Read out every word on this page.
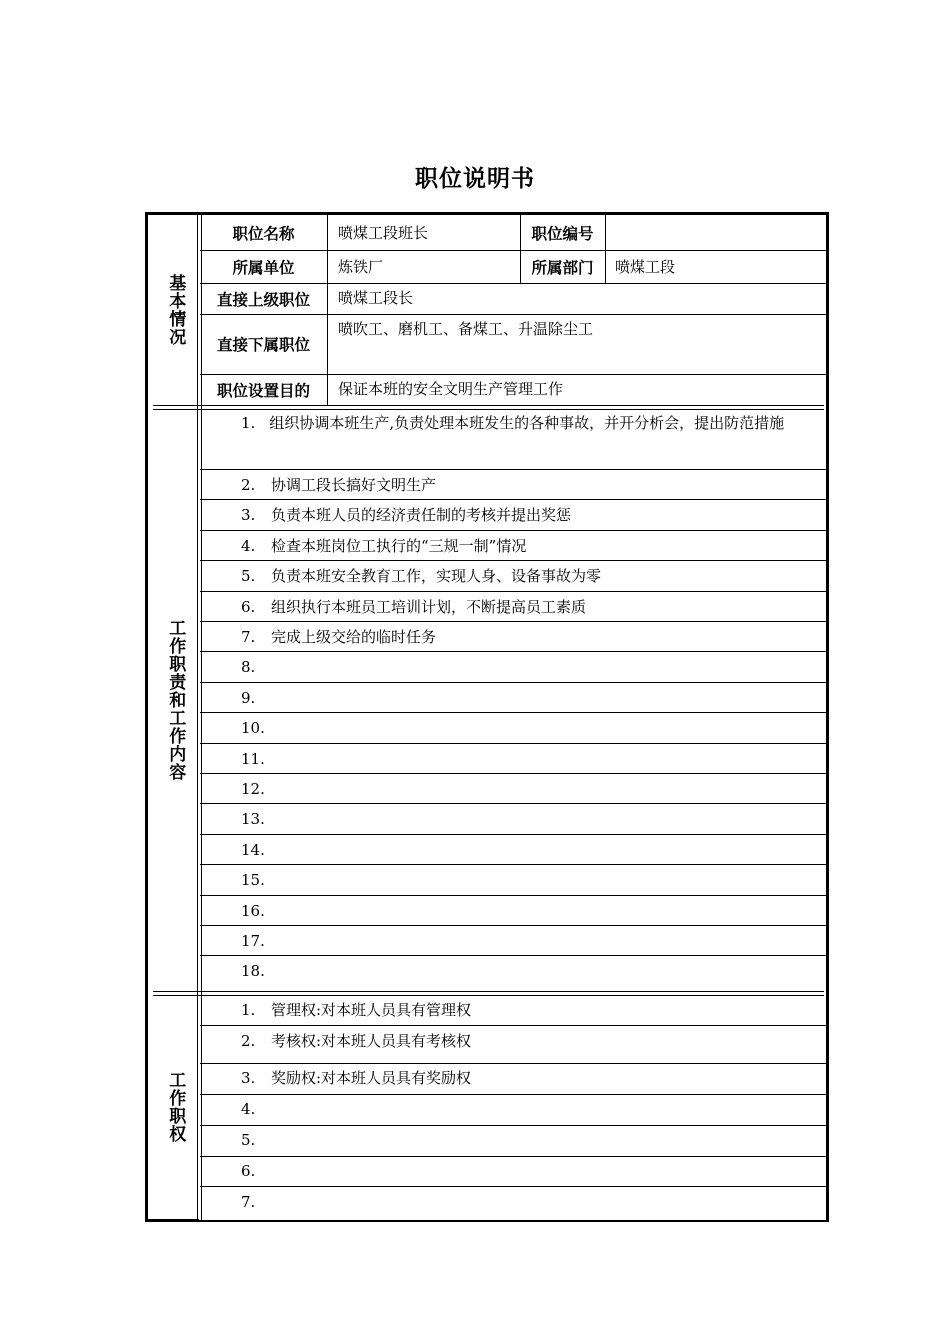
职位说明书
基本情况
工作职责和工作内容
工作职权
职位名称
所属单位
直接上级职位
直接下属职位
职位设置目的
职位编号
所属部门
喷煤工段班长
炼铁厂	喷煤工段
喷煤工段长
喷吹工、磨机工、备煤工、升温除尘工
保证本班的安全文明生产管理工作
1. 组织协调本班生产,负责处理本班发生的各种事故，并开分析会，提出防范措施
2. 协调工段长搞好文明生产
3. 负责本班人员的经济责任制的考核并提出奖惩
4. 检查本班岗位工执行的“三规一制”情况
5. 负责本班安全教育工作，实现人身、设备事故为零
6. 组织执行本班员工培训计划，不断提高员工素质
7. 完成上级交给的临时任务
8.
9.
10.
11.
12.
13.
14.
15.
16.
17.
18.
1. 管理权:对本班人员具有管理权
2. 考核权:对本班人员具有考核权
3. 奖励权:对本班人员具有奖励权
4.
5.
6.
7.
